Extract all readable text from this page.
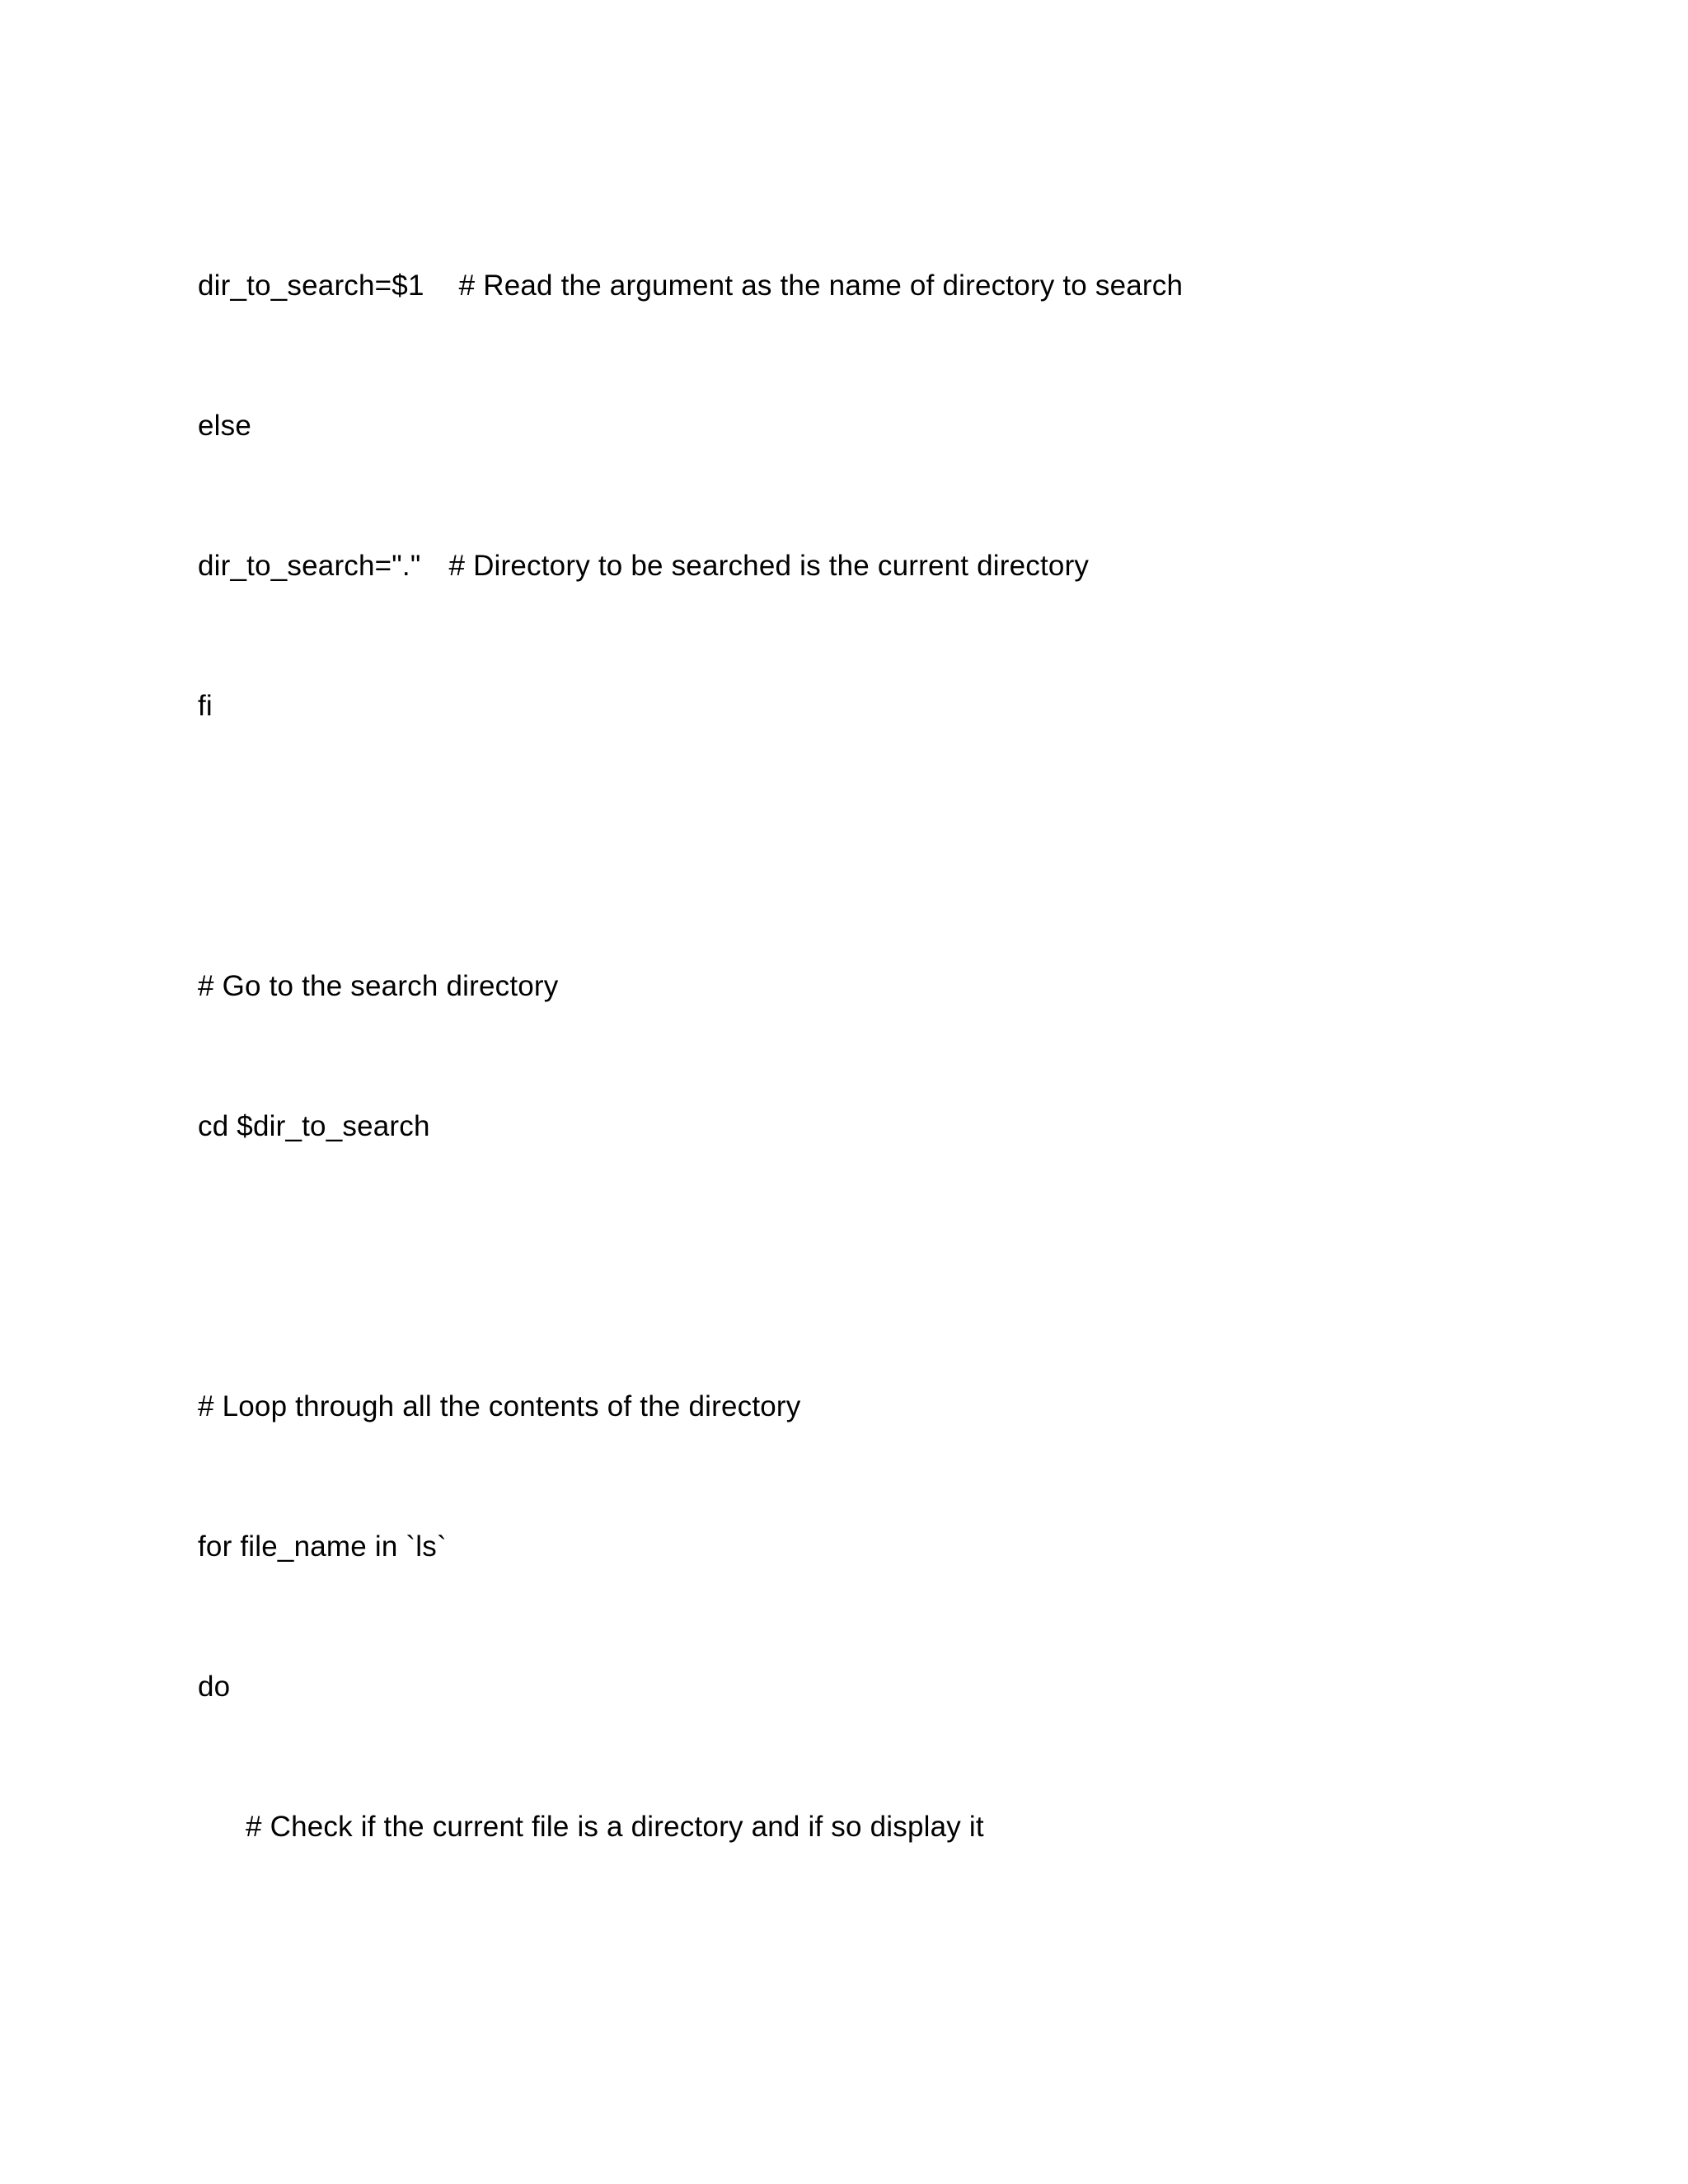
dir_to_search=$1 # Read the argument as the name of directory to search
else
dir_to_search="." # Directory to be searched is the current directory
fi
# Go to the search directory
cd $dir_to_search
# Loop through all the contents of the directory
for file_name in `ls`
do
# Check if the current file is a directory and if so display it
